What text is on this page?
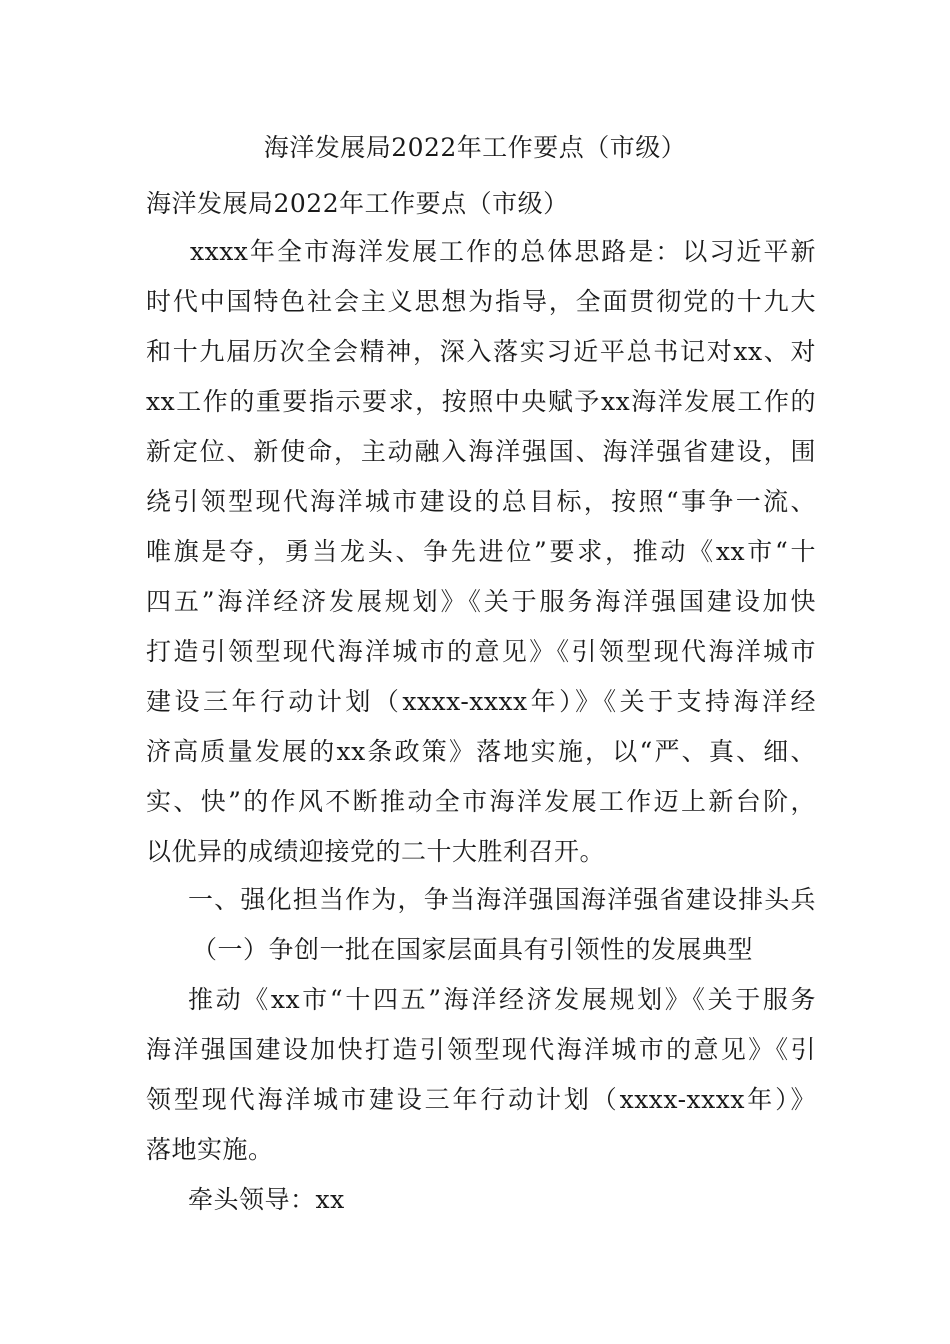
海洋发展局2022年工作要点（市级）
海洋发展局2022年工作要点（市级）
xxxx年全市海洋发展工作的总体思路是：以习近平新
时代中国特色社会主义思想为指导，全面贯彻党的十九大
和十九届历次全会精神，深入落实习近平总书记对xx、对
xx工作的重要指示要求，按照中央赋予xx海洋发展工作的
新定位、新使命，主动融入海洋强国、海洋强省建设，围
绕引领型现代海洋城市建设的总目标，按照“事争一流、
唯旗是夺，勇当龙头、争先进位”要求，推动《xx市“十
四五”海洋经济发展规划》《关于服务海洋强国建设加快
打造引领型现代海洋城市的意见》《引领型现代海洋城市
建设三年行动计划（xxxx-xxxx年）》《关于支持海洋经
济高质量发展的xx条政策》落地实施，以“严、真、细、
实、快”的作风不断推动全市海洋发展工作迈上新台阶，
以优异的成绩迎接党的二十大胜利召开。
一、强化担当作为，争当海洋强国海洋强省建设排头兵
（一）争创一批在国家层面具有引领性的发展典型
推动《xx市“十四五”海洋经济发展规划》《关于服务
海洋强国建设加快打造引领型现代海洋城市的意见》《引
领型现代海洋城市建设三年行动计划（xxxx-xxxx年）》
落地实施。
牵头领导：xx
